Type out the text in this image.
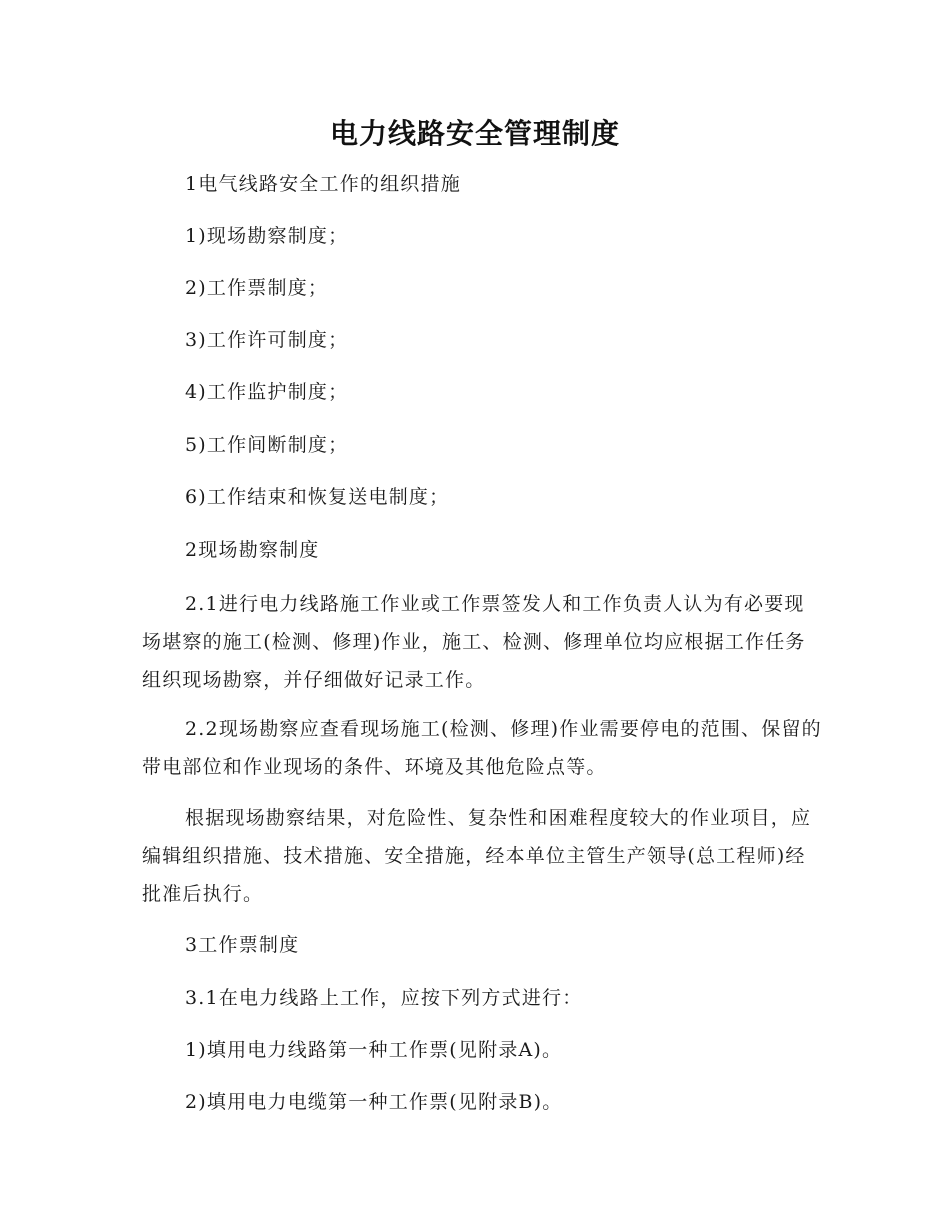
电力线路安全管理制度
1电气线路安全工作的组织措施
1)现场勘察制度；
2)工作票制度；
3)工作许可制度；
4)工作监护制度；
5)工作间断制度；
6)工作结束和恢复送电制度；
2现场勘察制度
2.1进行电力线路施工作业或工作票签发人和工作负责人认为有必要现场堪察的施工(检测、修理)作业，施工、检测、修理单位均应根据工作任务组织现场勘察，并仔细做好记录工作。
2.2现场勘察应查看现场施工(检测、修理)作业需要停电的范围、保留的带电部位和作业现场的条件、环境及其他危险点等。
根据现场勘察结果，对危险性、复杂性和困难程度较大的作业项目，应编辑组织措施、技术措施、安全措施，经本单位主管生产领导(总工程师)经批准后执行。
3工作票制度
3.1在电力线路上工作，应按下列方式进行：
1)填用电力线路第一种工作票(见附录A)。
2)填用电力电缆第一种工作票(见附录B)。
